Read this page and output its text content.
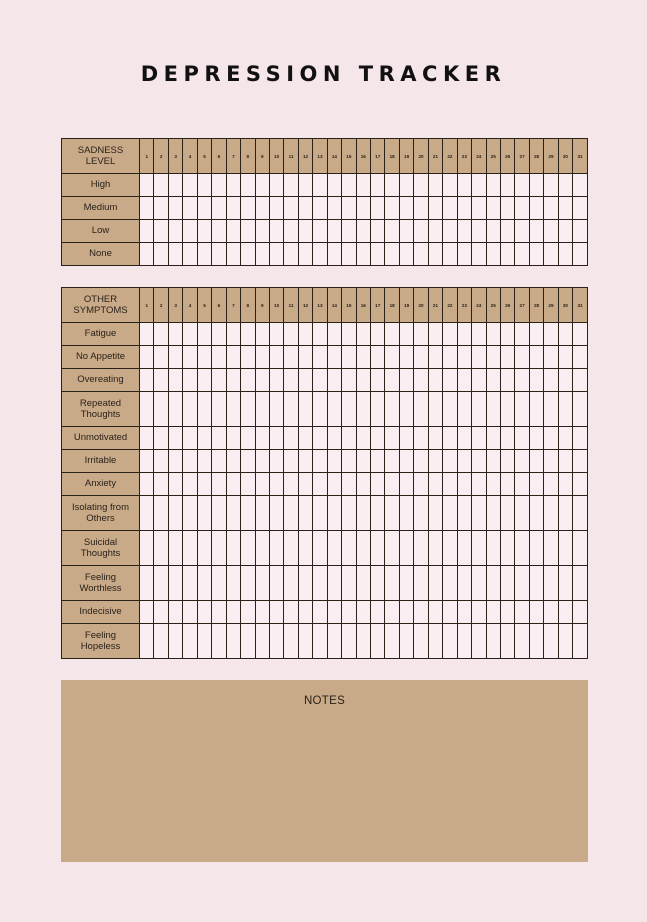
DEPRESSION TRACKER
SADNESS
LEVEL	1	2	3	4	5	6	7	8	9	10	11	12	13	14	15	16	17	18	19	20	21	22	23	24	25	26	27	28	29	30	31

High																															

Medium																															

Low																															

None																															

OTHER
SYMPTOMS	1	2	3	4	5	6	7	8	9	10	11	12	13	14	15	16	17	18	19	20	21	22	23	24	25	26	27	28	29	30	31

Fatigue																															

No Appetite																															

Overeating																															

Repeated
Thoughts																															

Unmotivated																															

Irritable																															

Anxiety																															

Isolating from
Others																															

Suicidal
Thoughts																															

Feeling
Worthless																															

Indecisive																															

Feeling
Hopeless																															

NOTES
